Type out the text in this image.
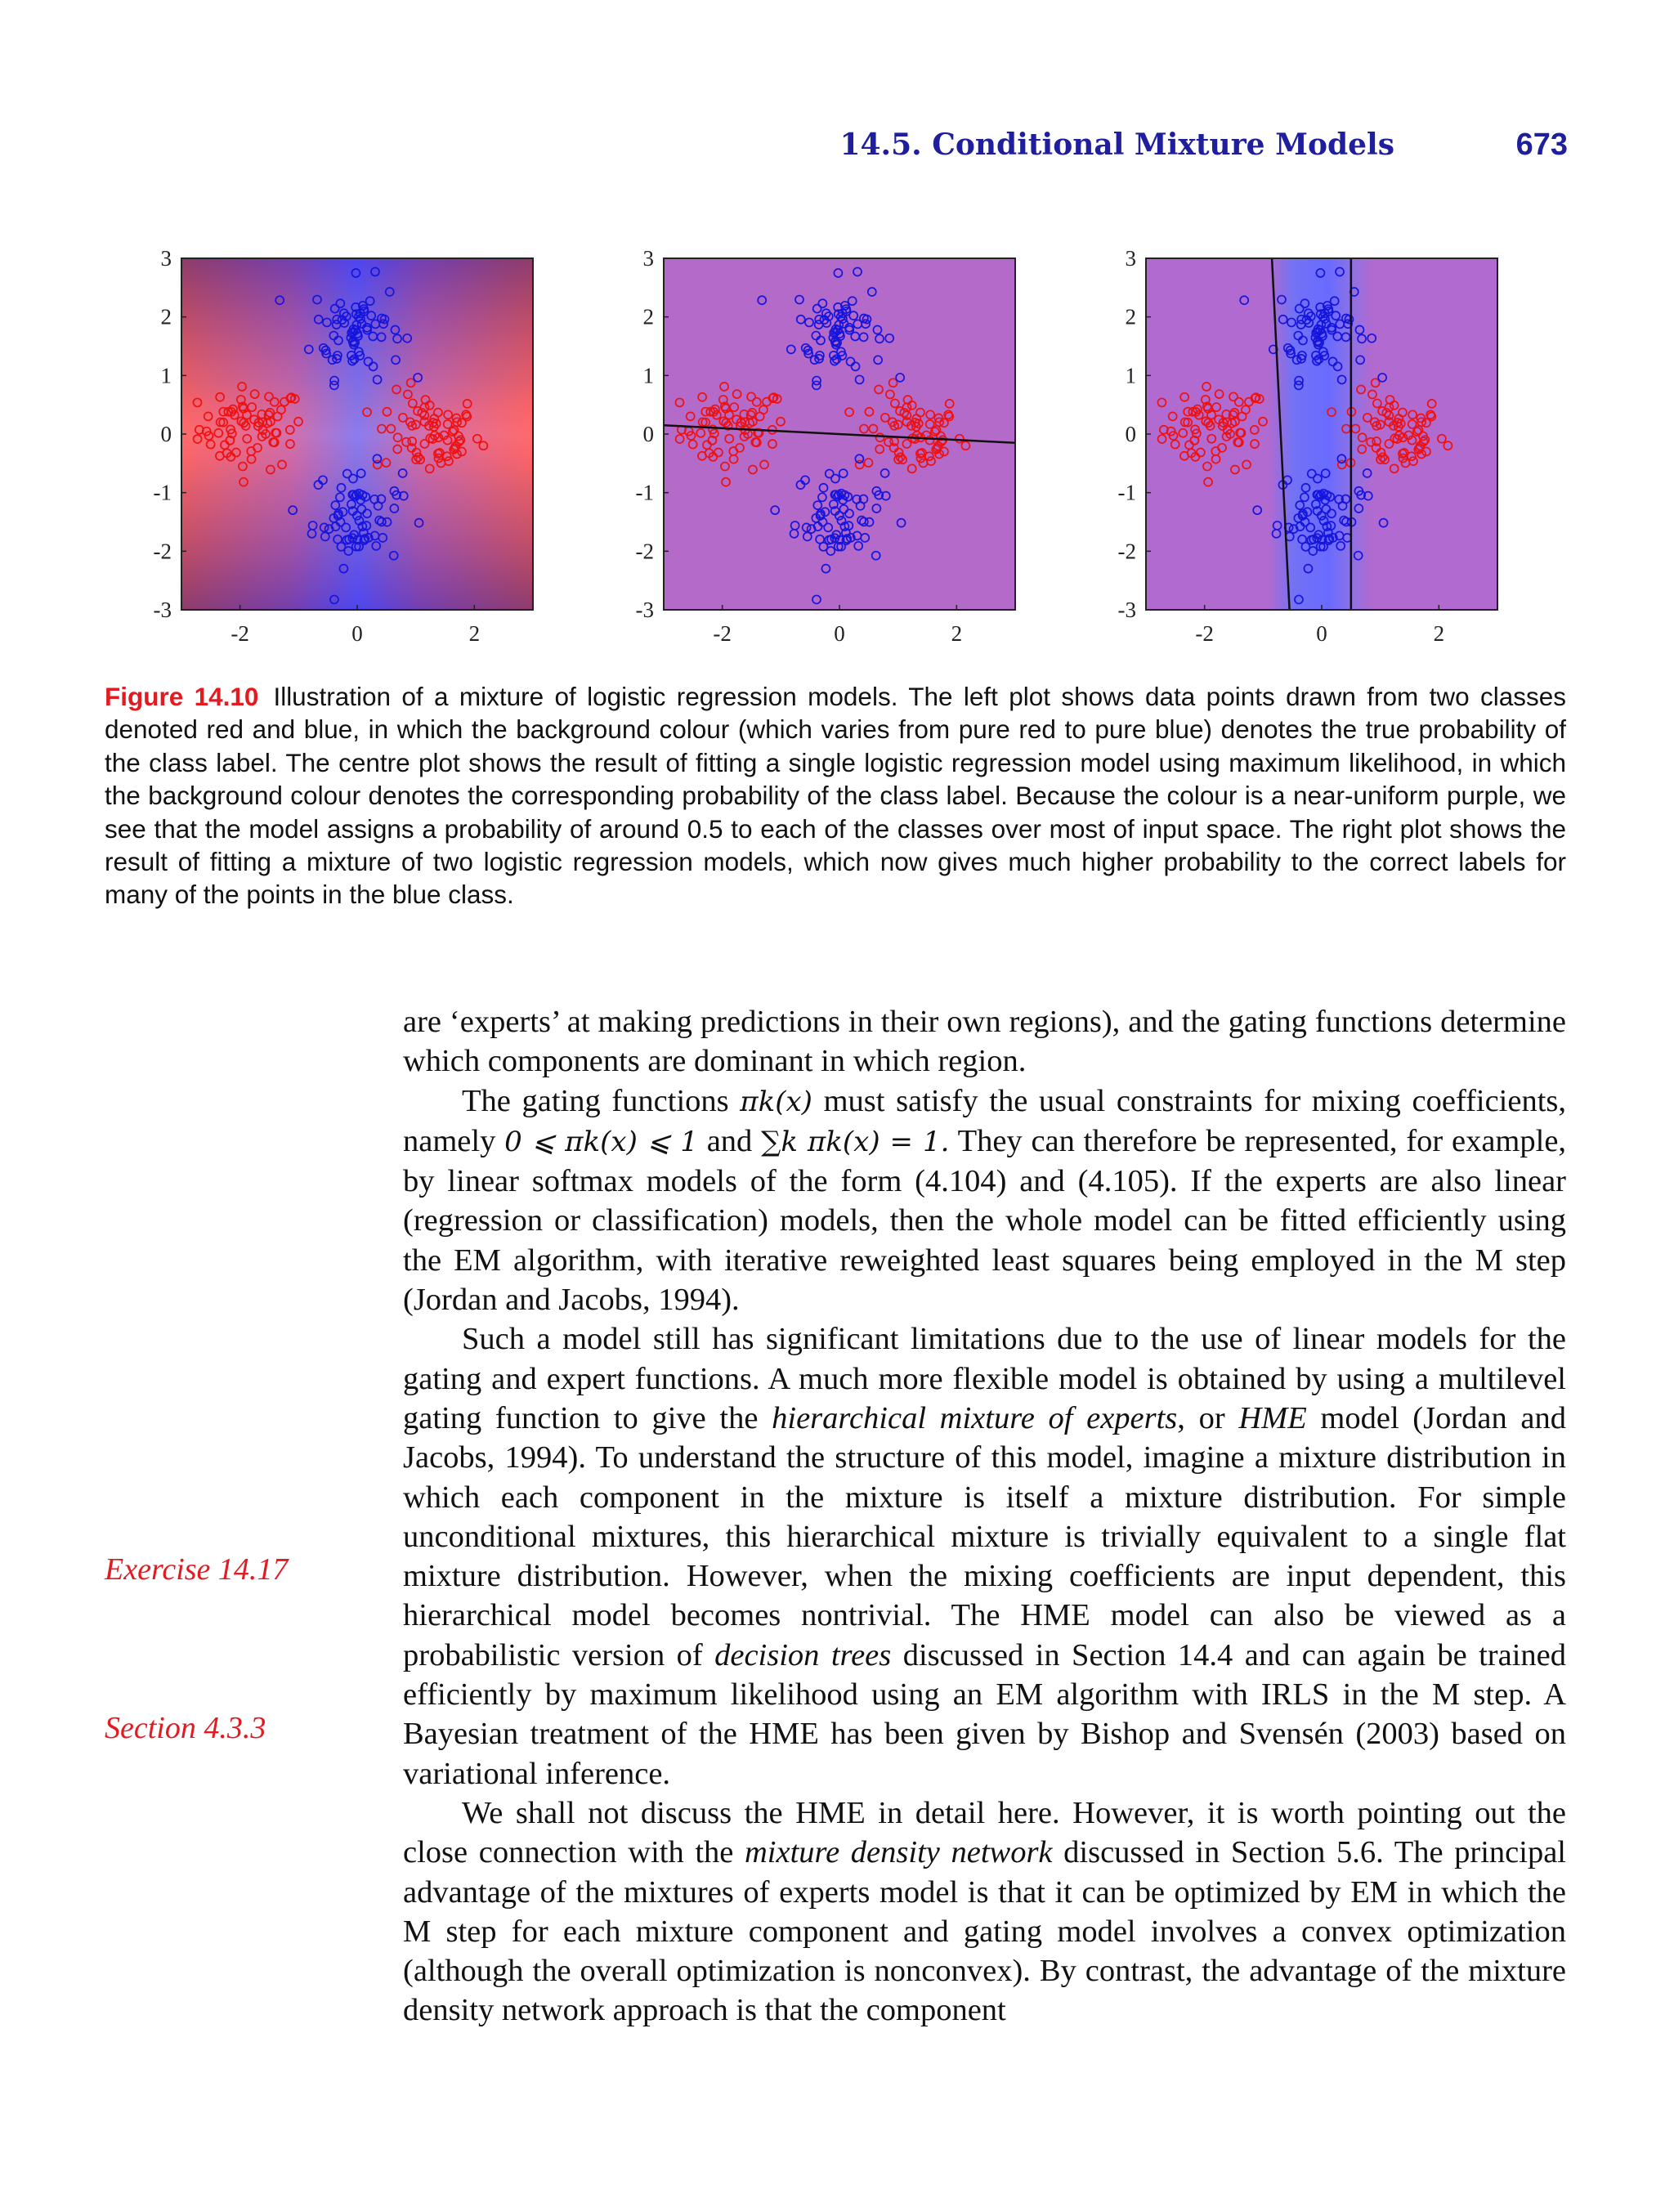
14.5. Conditional Mixture Models	673
3
2
1
0
-1
-2
-3
-2	0	2
3
2
1
0
-1
-2
-3
-2	0	2
3
2
1
0
-1
-2
-3
-2	0	2
Figure 14.10 Illustration of a mixture of logistic regression models. The left plot shows data points drawn from two classes denoted red and blue, in which the background colour (which varies from pure red to pure blue) denotes the true probability of the class label. The centre plot shows the result of fitting a single logistic regression model using maximum likelihood, in which the background colour denotes the corresponding probability of the class label. Because the colour is a near-uniform purple, we see that the model assigns a probability of around 0.5 to each of the classes over most of input space. The right plot shows the result of fitting a mixture of two logistic regression models, which now gives much higher probability to the correct labels for many of the points in the blue class.

are ‘experts’ at making predictions in their own regions), and the gating functions determine which components are dominant in which region.

The gating functions πk(x) must satisfy the usual constraints for mixing coefficients, namely 0 ⩽ πk(x) ⩽ 1 and ∑k πk(x) = 1. They can therefore be represented, for example, by linear softmax models of the form (4.104) and (4.105). If the experts are also linear (regression or classification) models, then the whole model can be fitted efficiently using the EM algorithm, with iterative reweighted least squares being employed in the M step (Jordan and Jacobs, 1994).

Such a model still has significant limitations due to the use of linear models for the gating and expert functions. A much more flexible model is obtained by using a multilevel gating function to give the hierarchical mixture of experts, or HME model (Jordan and Jacobs, 1994). To understand the structure of this model, imagine a mixture distribution in which each component in the mixture is itself a mixture distribution. For simple unconditional mixtures, this hierarchical mixture is trivially equivalent to a single flat mixture distribution. However, when the mixing coefficients are input dependent, this hierarchical model becomes nontrivial. The HME model can also be viewed as a probabilistic version of decision trees discussed in Section 14.4 and can again be trained efficiently by maximum likelihood using an EM algorithm with IRLS in the M step. A Bayesian treatment of the HME has been given by Bishop and Svensén (2003) based on variational inference.

We shall not discuss the HME in detail here. However, it is worth pointing out the close connection with the mixture density network discussed in Section 5.6. The principal advantage of the mixtures of experts model is that it can be optimized by EM in which the M step for each mixture component and gating model involves a convex optimization (although the overall optimization is nonconvex). By contrast, the advantage of the mixture density network approach is that the component

Exercise 14.17
Section 4.3.3
